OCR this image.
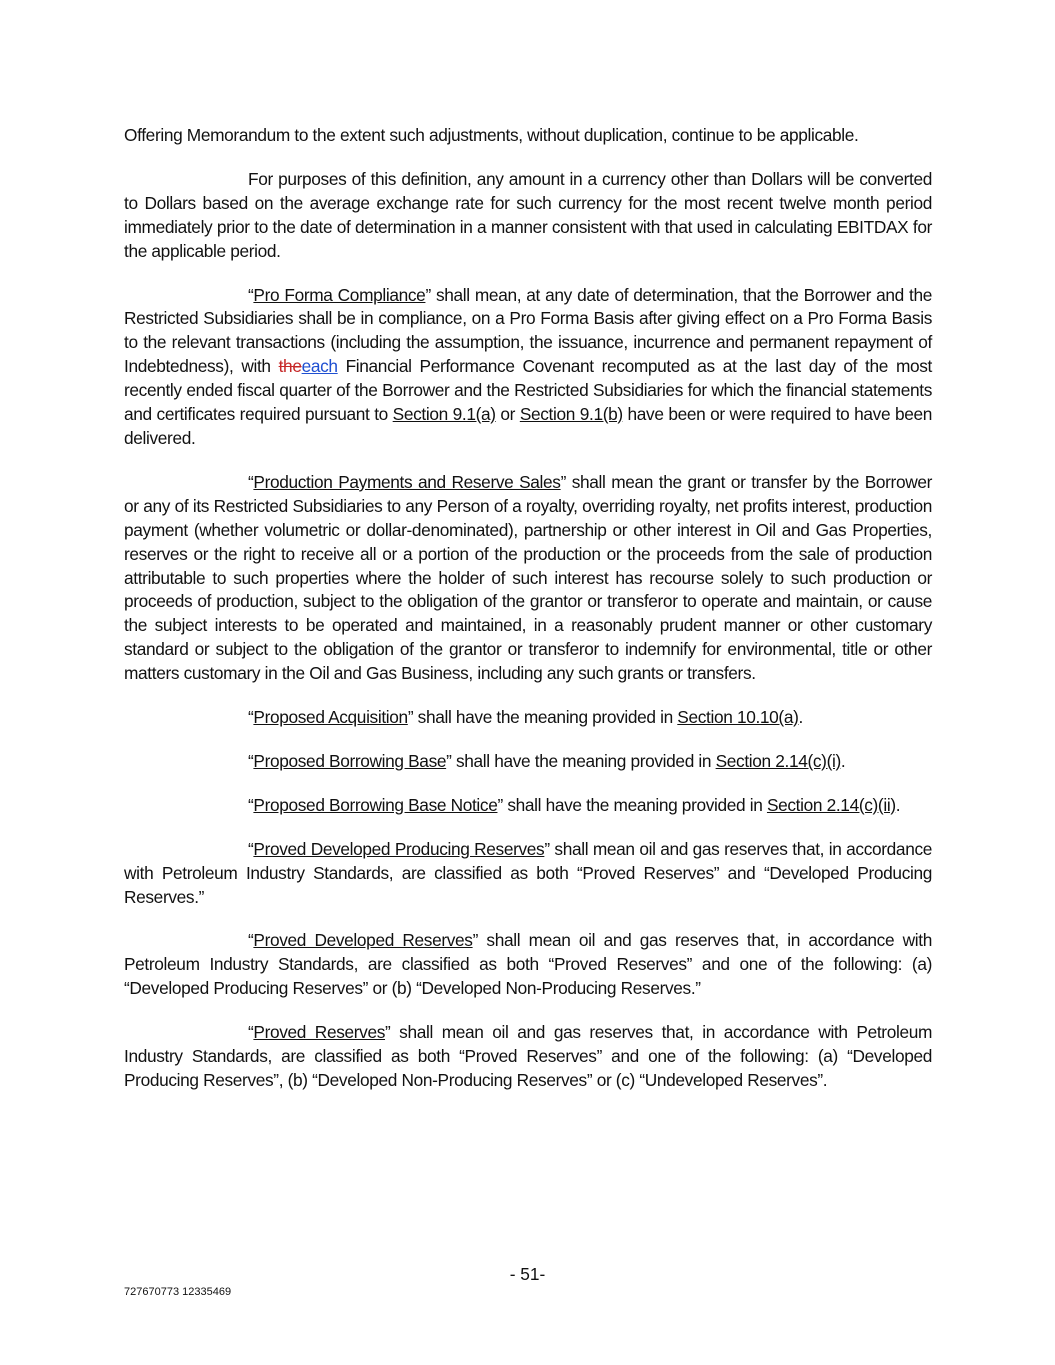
Offering Memorandum to the extent such adjustments, without duplication, continue to be applicable.

For purposes of this definition, any amount in a currency other than Dollars will be converted to Dollars based on the average exchange rate for such currency for the most recent twelve month period immediately prior to the date of determination in a manner consistent with that used in calculating EBITDAX for the applicable period.

“Pro Forma Compliance” shall mean, at any date of determination, that the Borrower and the Restricted Subsidiaries shall be in compliance, on a Pro Forma Basis after giving effect on a Pro Forma Basis to the relevant transactions (including the assumption, the issuance, incurrence and permanent repayment of Indebtedness), with theeach Financial Performance Covenant recomputed as at the last day of the most recently ended fiscal quarter of the Borrower and the Restricted Subsidiaries for which the financial statements and certificates required pursuant to Section 9.1(a) or Section 9.1(b) have been or were required to have been delivered.

“Production Payments and Reserve Sales” shall mean the grant or transfer by the Borrower or any of its Restricted Subsidiaries to any Person of a royalty, overriding royalty, net profits interest, production payment (whether volumetric or dollar-denominated), partnership or other interest in Oil and Gas Properties, reserves or the right to receive all or a portion of the production or the proceeds from the sale of production attributable to such properties where the holder of such interest has recourse solely to such production or proceeds of production, subject to the obligation of the grantor or transferor to operate and maintain, or cause the subject interests to be operated and maintained, in a reasonably prudent manner or other customary standard or subject to the obligation of the grantor or transferor to indemnify for environmental, title or other matters customary in the Oil and Gas Business, including any such grants or transfers.

“Proposed Acquisition” shall have the meaning provided in Section 10.10(a).

“Proposed Borrowing Base” shall have the meaning provided in Section 2.14(c)(i).

“Proposed Borrowing Base Notice” shall have the meaning provided in Section 2.14(c)(ii).

“Proved Developed Producing Reserves” shall mean oil and gas reserves that, in accordance with Petroleum Industry Standards, are classified as both “Proved Reserves” and “Developed Producing Reserves.”

“Proved Developed Reserves” shall mean oil and gas reserves that, in accordance with Petroleum Industry Standards, are classified as both “Proved Reserves” and one of the following: (a) “Developed Producing Reserves” or (b) “Developed Non-Producing Reserves.”

“Proved Reserves” shall mean oil and gas reserves that, in accordance with Petroleum Industry Standards, are classified as both “Proved Reserves” and one of the following: (a) “Developed Producing Reserves”, (b) “Developed Non-Producing Reserves” or (c) “Undeveloped Reserves”.

- 51-
727670773 12335469
